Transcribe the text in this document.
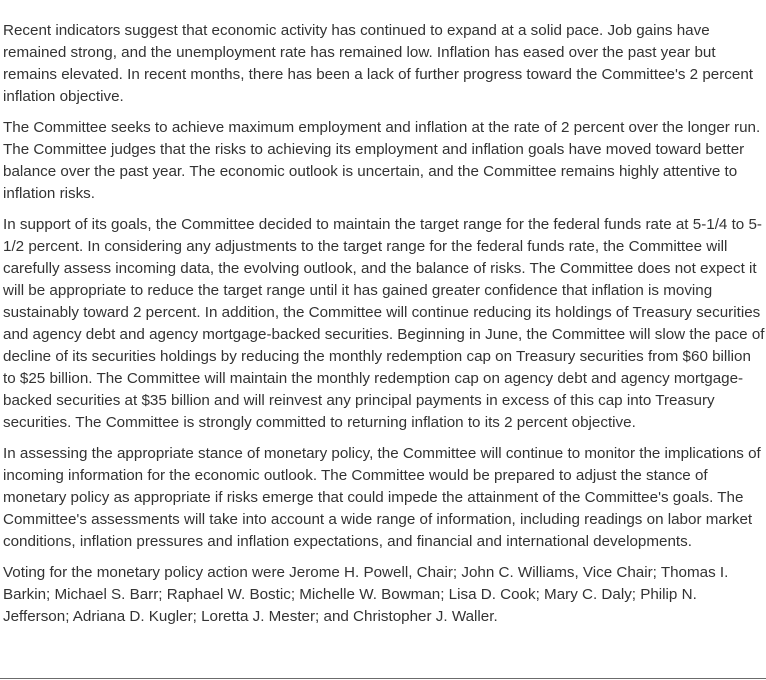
Recent indicators suggest that economic activity has continued to expand at a solid pace. Job gains have remained strong, and the unemployment rate has remained low. Inflation has eased over the past year but remains elevated. In recent months, there has been a lack of further progress toward the Committee's 2 percent inflation objective.

The Committee seeks to achieve maximum employment and inflation at the rate of 2 percent over the longer run. The Committee judges that the risks to achieving its employment and inflation goals have moved toward better balance over the past year. The economic outlook is uncertain, and the Committee remains highly attentive to inflation risks.

In support of its goals, the Committee decided to maintain the target range for the federal funds rate at 5-1/4 to 5-1/2 percent. In considering any adjustments to the target range for the federal funds rate, the Committee will carefully assess incoming data, the evolving outlook, and the balance of risks. The Committee does not expect it will be appropriate to reduce the target range until it has gained greater confidence that inflation is moving sustainably toward 2 percent. In addition, the Committee will continue reducing its holdings of Treasury securities and agency debt and agency mortgage-backed securities. Beginning in June, the Committee will slow the pace of decline of its securities holdings by reducing the monthly redemption cap on Treasury securities from $60 billion to $25 billion. The Committee will maintain the monthly redemption cap on agency debt and agency mortgage-backed securities at $35 billion and will reinvest any principal payments in excess of this cap into Treasury securities. The Committee is strongly committed to returning inflation to its 2 percent objective.

In assessing the appropriate stance of monetary policy, the Committee will continue to monitor the implications of incoming information for the economic outlook. The Committee would be prepared to adjust the stance of monetary policy as appropriate if risks emerge that could impede the attainment of the Committee's goals. The Committee's assessments will take into account a wide range of information, including readings on labor market conditions, inflation pressures and inflation expectations, and financial and international developments.

Voting for the monetary policy action were Jerome H. Powell, Chair; John C. Williams, Vice Chair; Thomas I. Barkin; Michael S. Barr; Raphael W. Bostic; Michelle W. Bowman; Lisa D. Cook; Mary C. Daly; Philip N. Jefferson; Adriana D. Kugler; Loretta J. Mester; and Christopher J. Waller.
